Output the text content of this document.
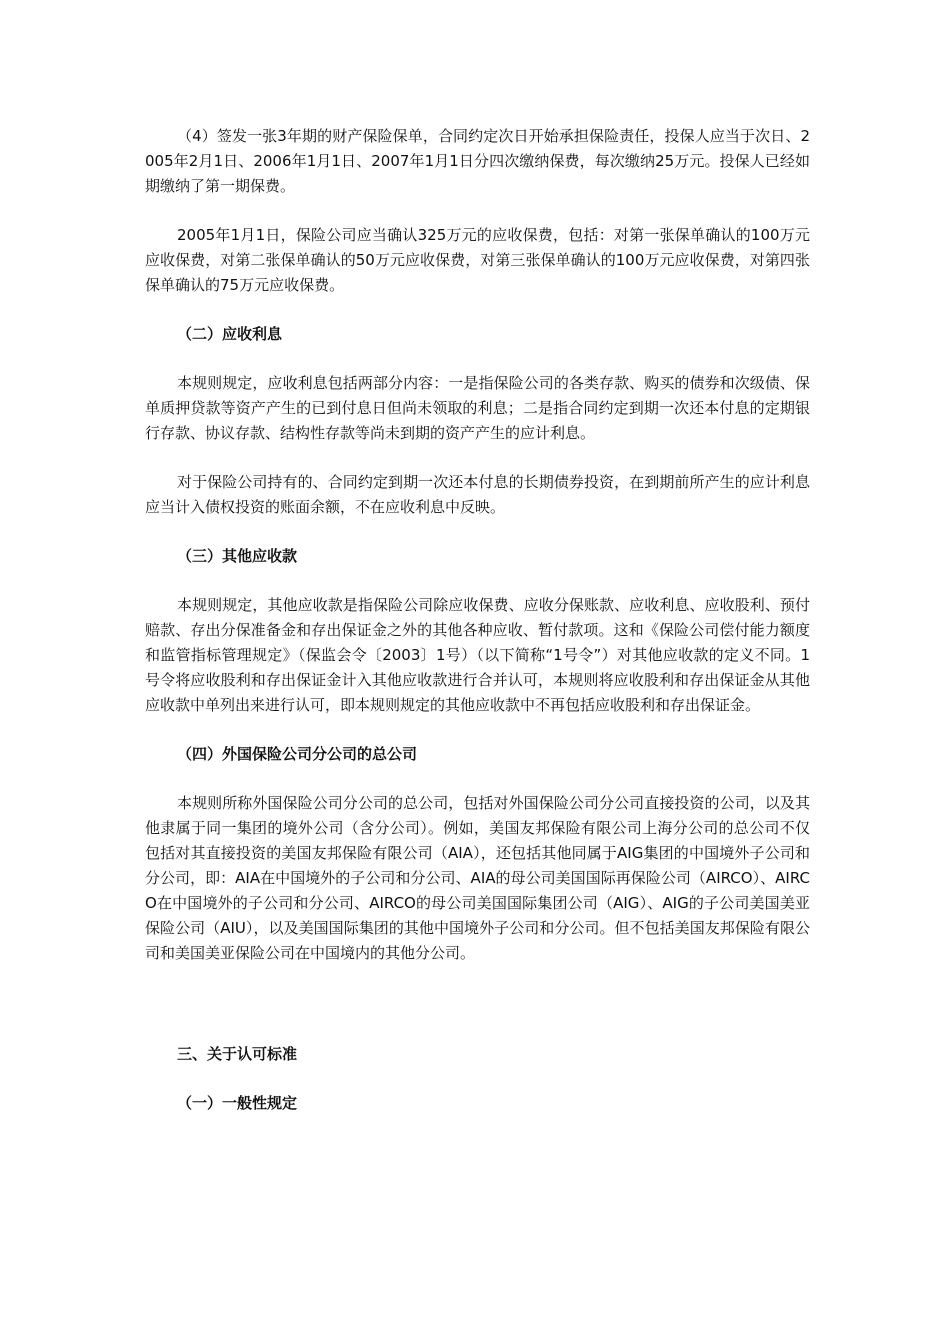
（4）签发一张3年期的财产保险保单，合同约定次日开始承担保险责任，投保人应当于次日、2005年2月1日、2006年1月1日、2007年1月1日分四次缴纳保费，每次缴纳25万元。投保人已经如期缴纳了第一期保费。

2005年1月1日，保险公司应当确认325万元的应收保费，包括：对第一张保单确认的100万元应收保费，对第二张保单确认的50万元应收保费，对第三张保单确认的100万元应收保费，对第四张保单确认的75万元应收保费。

（二）应收利息

本规则规定，应收利息包括两部分内容：一是指保险公司的各类存款、购买的债券和次级债、保单质押贷款等资产产生的已到付息日但尚未领取的利息；二是指合同约定到期一次还本付息的定期银行存款、协议存款、结构性存款等尚未到期的资产产生的应计利息。

对于保险公司持有的、合同约定到期一次还本付息的长期债券投资，在到期前所产生的应计利息应当计入债权投资的账面余额，不在应收利息中反映。

（三）其他应收款

本规则规定，其他应收款是指保险公司除应收保费、应收分保账款、应收利息、应收股利、预付赔款、存出分保准备金和存出保证金之外的其他各种应收、暂付款项。这和《保险公司偿付能力额度和监管指标管理规定》（保监会令〔2003〕1号）（以下简称“1号令”）对其他应收款的定义不同。1号令将应收股利和存出保证金计入其他应收款进行合并认可，本规则将应收股利和存出保证金从其他应收款中单列出来进行认可，即本规则规定的其他应收款中不再包括应收股利和存出保证金。

（四）外国保险公司分公司的总公司

本规则所称外国保险公司分公司的总公司，包括对外国保险公司分公司直接投资的公司，以及其他隶属于同一集团的境外公司（含分公司）。例如，美国友邦保险有限公司上海分公司的总公司不仅包括对其直接投资的美国友邦保险有限公司（AIA），还包括其他同属于AIG集团的中国境外子公司和分公司，即：AIA在中国境外的子公司和分公司、AIA的母公司美国国际再保险公司（AIRCO）、AIRCO在中国境外的子公司和分公司、AIRCO的母公司美国国际集团公司（AIG）、AIG的子公司美国美亚保险公司（AIU），以及美国国际集团的其他中国境外子公司和分公司。但不包括美国友邦保险有限公司和美国美亚保险公司在中国境内的其他分公司。

三、关于认可标准

（一）一般性规定
